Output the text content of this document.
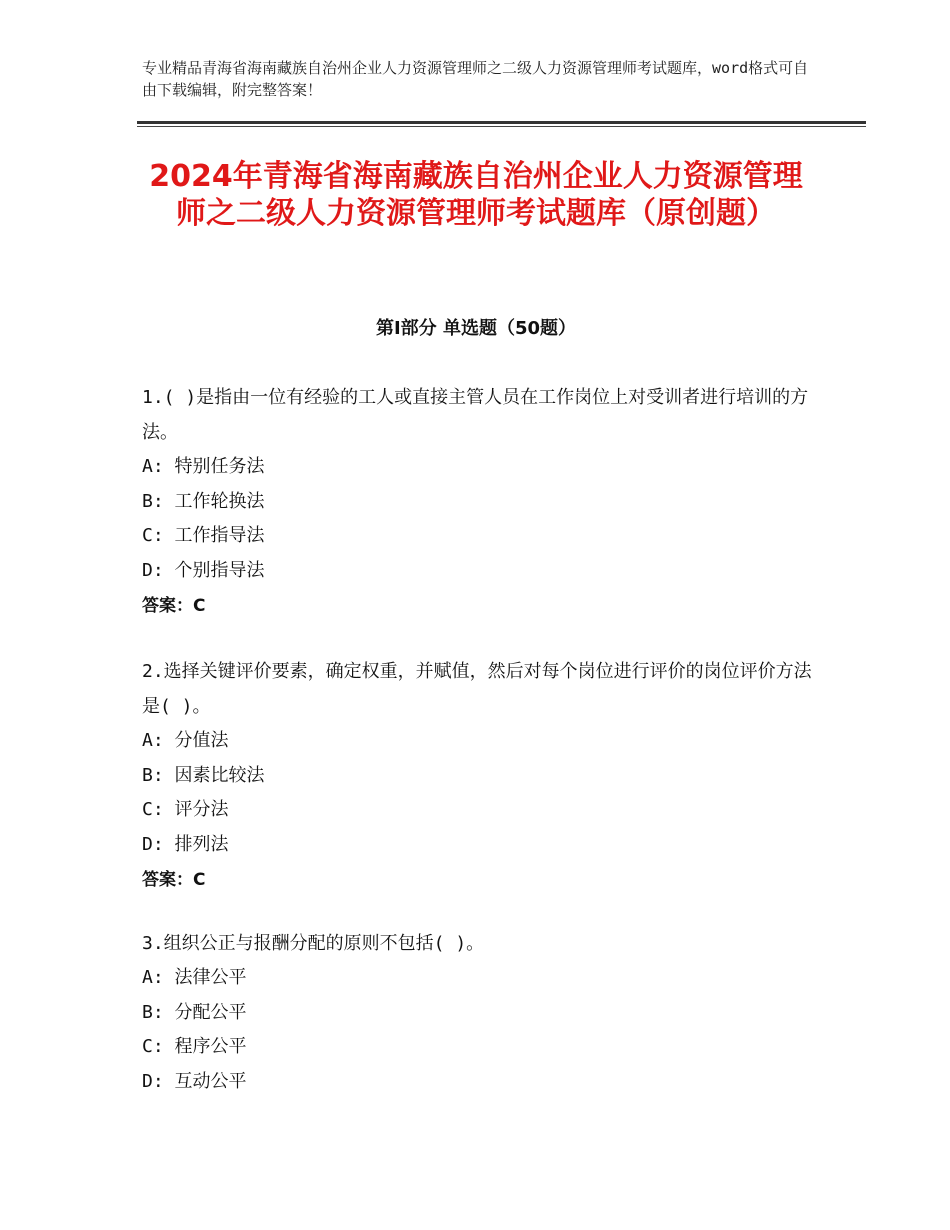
专业精品青海省海南藏族自治州企业人力资源管理师之二级人力资源管理师考试题库，word格式可自由下载编辑，附完整答案！
2024年青海省海南藏族自治州企业人力资源管理师之二级人力资源管理师考试题库（原创题）
第Ⅰ部分 单选题（50题）
1.( )是指由一位有经验的工人或直接主管人员在工作岗位上对受训者进行培训的方法。
A: 特别任务法
B: 工作轮换法
C: 工作指导法
D: 个别指导法
答案：C
2.选择关键评价要素，确定权重，并赋值，然后对每个岗位进行评价的岗位评价方法是( )。
A: 分值法
B: 因素比较法
C: 评分法
D: 排列法
答案：C
3.组织公正与报酬分配的原则不包括( )。
A: 法律公平
B: 分配公平
C: 程序公平
D: 互动公平
